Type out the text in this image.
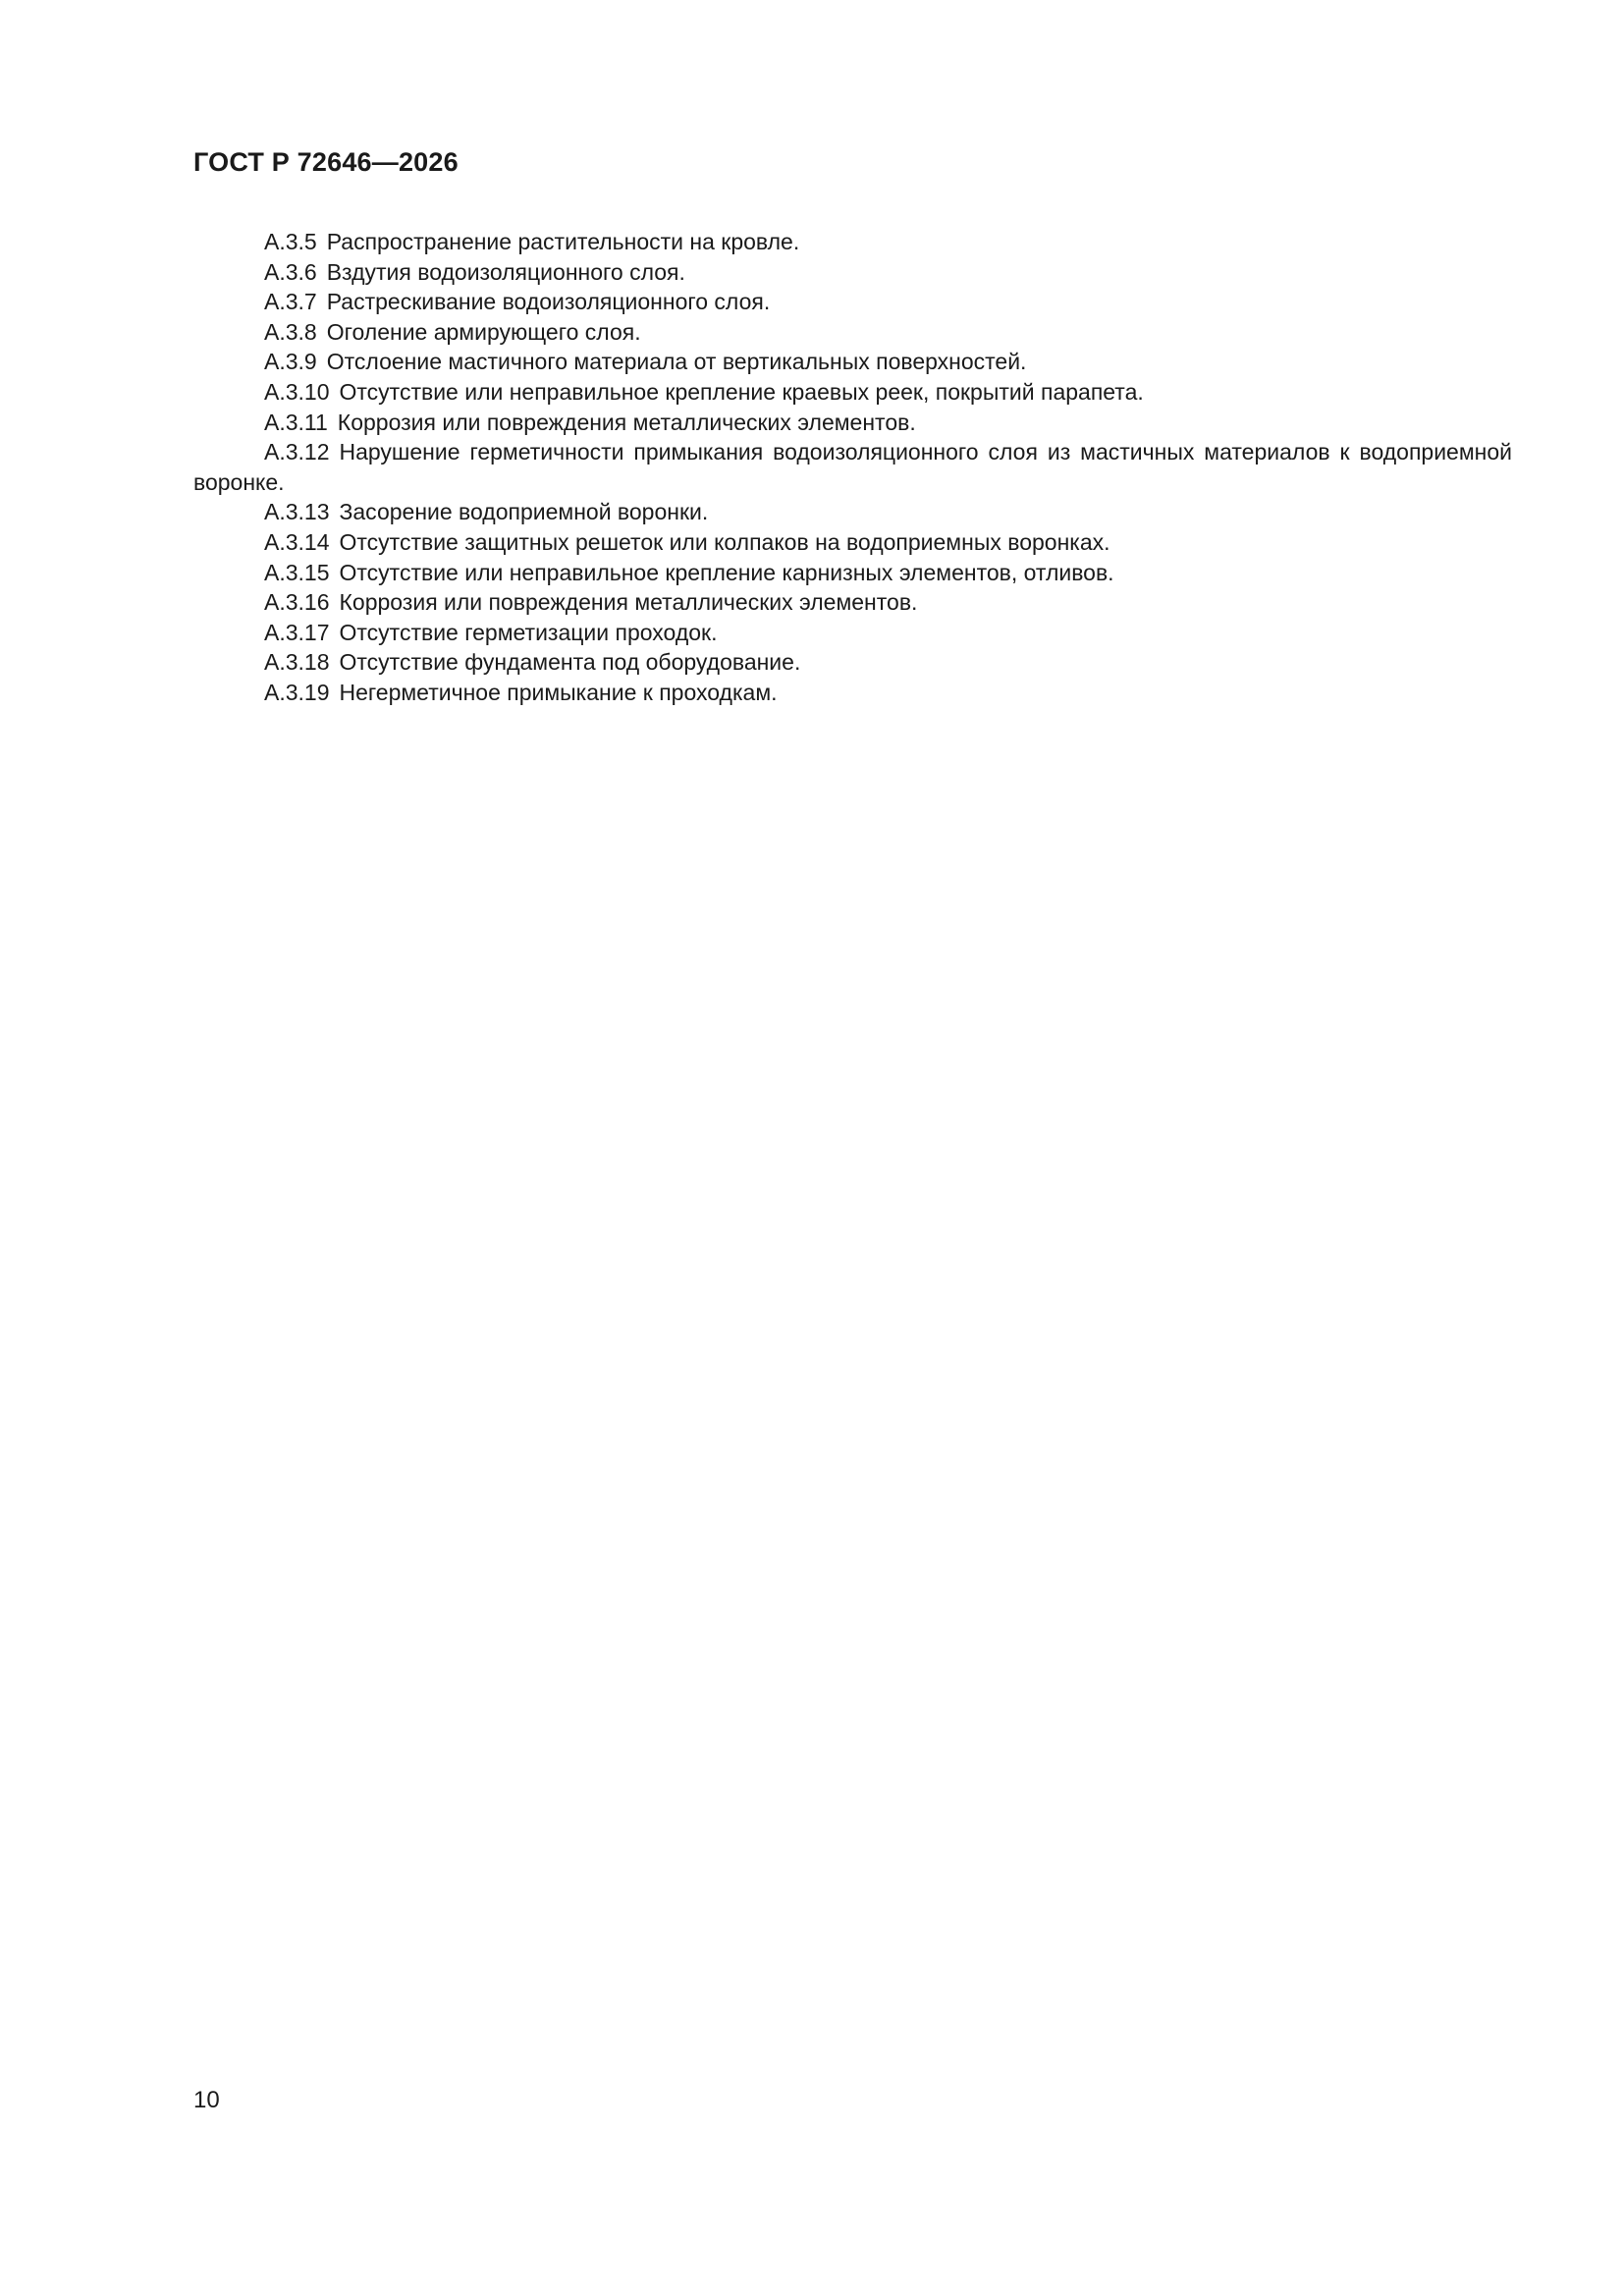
ГОСТ Р 72646—2026

А.3.5 Распространение растительности на кровле.

А.3.6 Вздутия водоизоляционного слоя.

А.3.7 Растрескивание водоизоляционного слоя.

А.3.8 Оголение армирующего слоя.

А.3.9 Отслоение мастичного материала от вертикальных поверхностей.

А.3.10 Отсутствие или неправильное крепление краевых реек, покрытий парапета.

А.3.11 Коррозия или повреждения металлических элементов.

А.3.12 Нарушение герметичности примыкания водоизоляционного слоя из мастичных материалов к водоприемной воронке.

А.3.13 Засорение водоприемной воронки.

А.3.14 Отсутствие защитных решеток или колпаков на водоприемных воронках.

А.3.15 Отсутствие или неправильное крепление карнизных элементов, отливов.

А.3.16 Коррозия или повреждения металлических элементов.

А.3.17 Отсутствие герметизации проходок.

А.3.18 Отсутствие фундамента под оборудование.

А.3.19 Негерметичное примыкание к проходкам.

10
